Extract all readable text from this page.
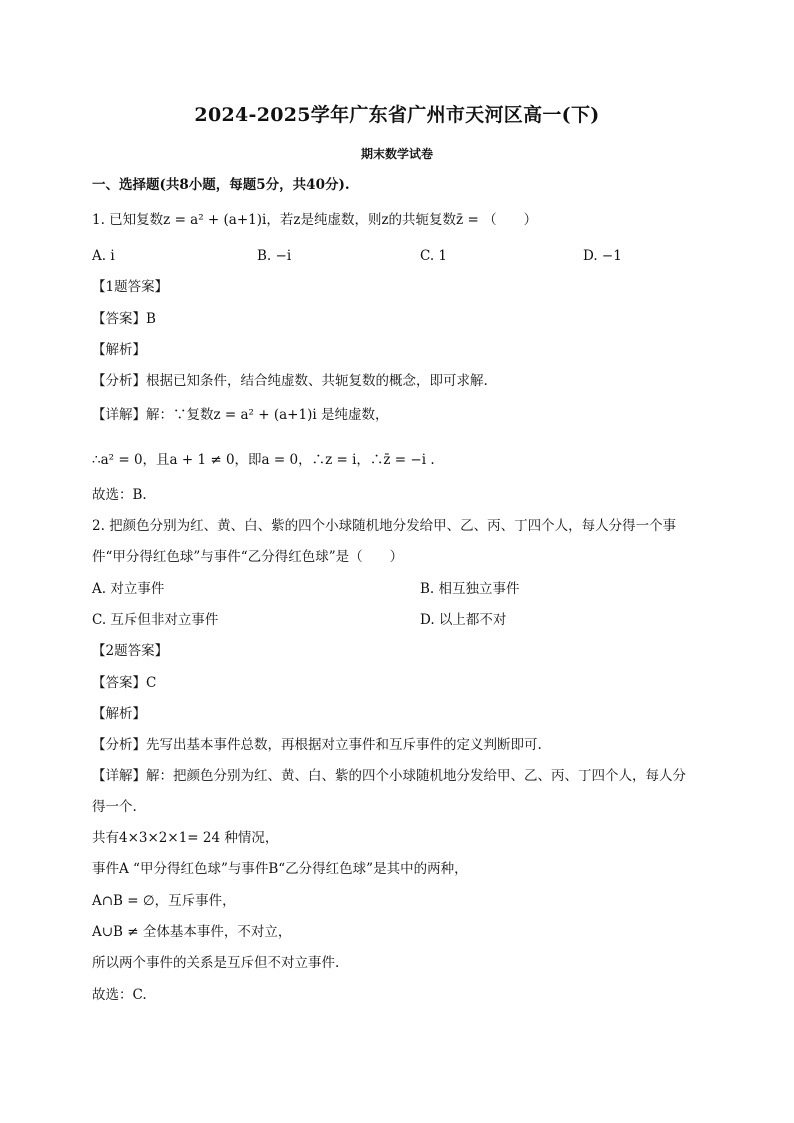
2024-2025学年广东省广州市天河区高一(下)
期末数学试卷
一、选择题(共8小题，每题5分，共40分).
1. 已知复数z = a² + (a+1)i，若z是纯虚数，则z的共轭复数z̄ = （　　）
A. i	B. −i	C. 1	D. −1
【1题答案】
【答案】B
【解析】
【分析】根据已知条件，结合纯虚数、共轭复数的概念，即可求解.
【详解】解：∵复数z = a² + (a+1)i 是纯虚数，
∴a² = 0，且a + 1 ≠ 0，即a = 0，∴z = i，∴z̄ = −i .
故选：B.
2. 把颜色分别为红、黄、白、紫的四个小球随机地分发给甲、乙、丙、丁四个人，每人分得一个事
件“甲分得红色球”与事件“乙分得红色球”是（　　）
A. 对立事件	B. 相互独立事件
C. 互斥但非对立事件	D. 以上都不对
【2题答案】
【答案】C
【解析】
【分析】先写出基本事件总数，再根据对立事件和互斥事件的定义判断即可.
【详解】解：把颜色分别为红、黄、白、紫的四个小球随机地分发给甲、乙、丙、丁四个人，每人分
得一个.
共有4×3×2×1= 24 种情况，
事件A “甲分得红色球”与事件B“乙分得红色球”是其中的两种，
A∩B = ∅，互斥事件，
A∪B ≠ 全体基本事件，不对立，
所以两个事件的关系是互斥但不对立事件.
故选：C.
